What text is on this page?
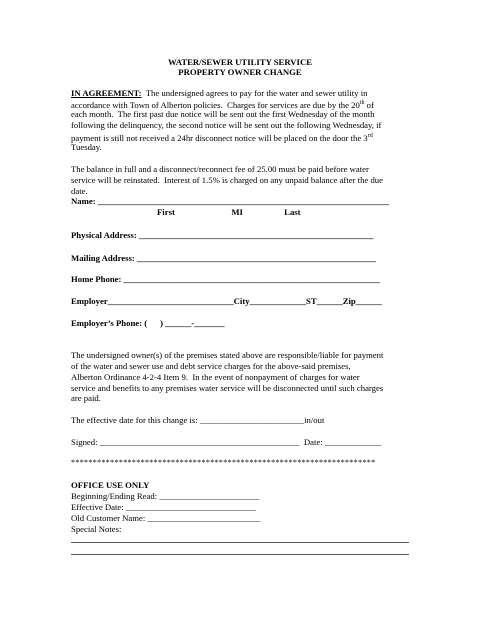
WATER/SEWER UTILITY SERVICE
PROPERTY OWNER CHANGE
IN AGREEMENT:  The undersigned agrees to pay for the water and sewer utility in
accordance with Town of Alberton policies.  Charges for services are due by the 20th of
each month.  The first past due notice will be sent out the first Wednesday of the month
following the delinquency, the second notice will be sent out the following Wednesday, if
payment is still not received a 24hr disconnect notice will be placed on the door the 3rd
Tuesday.
The balance in full and a disconnect/reconnect fee of 25.00 must be paid before water
service will be reinstated.  Interest of 1.5% is charged on any unpaid balance after the due
date.
Name: ___________________________________________________________________
First                          MI                   Last
Physical Address: ______________________________________________________
Mailing Address: _______________________________________________________
Home Phone: ___________________________________________________________
Employer_____________________________City_____________ST______Zip______
Employer’s Phone: (      ) ______-_______
The undersigned owner(s) of the premises stated above are responsible/liable for payment
of the water and sewer use and debt service charges for the above-said premises,
Alberton Ordinance 4-2-4 Item 9.  In the event of nonpayment of charges for water
service and benefits to any premises water service will be disconnected until such charges
are paid.
The effective date for this change is: ________________________in/out
Signed: ______________________________________________  Date: _____________
**********************************************************************
OFFICE USE ONLY
Beginning/Ending Read: _______________________
Effective Date: ______________________________
Old Customer Name: __________________________
Special Notes:
